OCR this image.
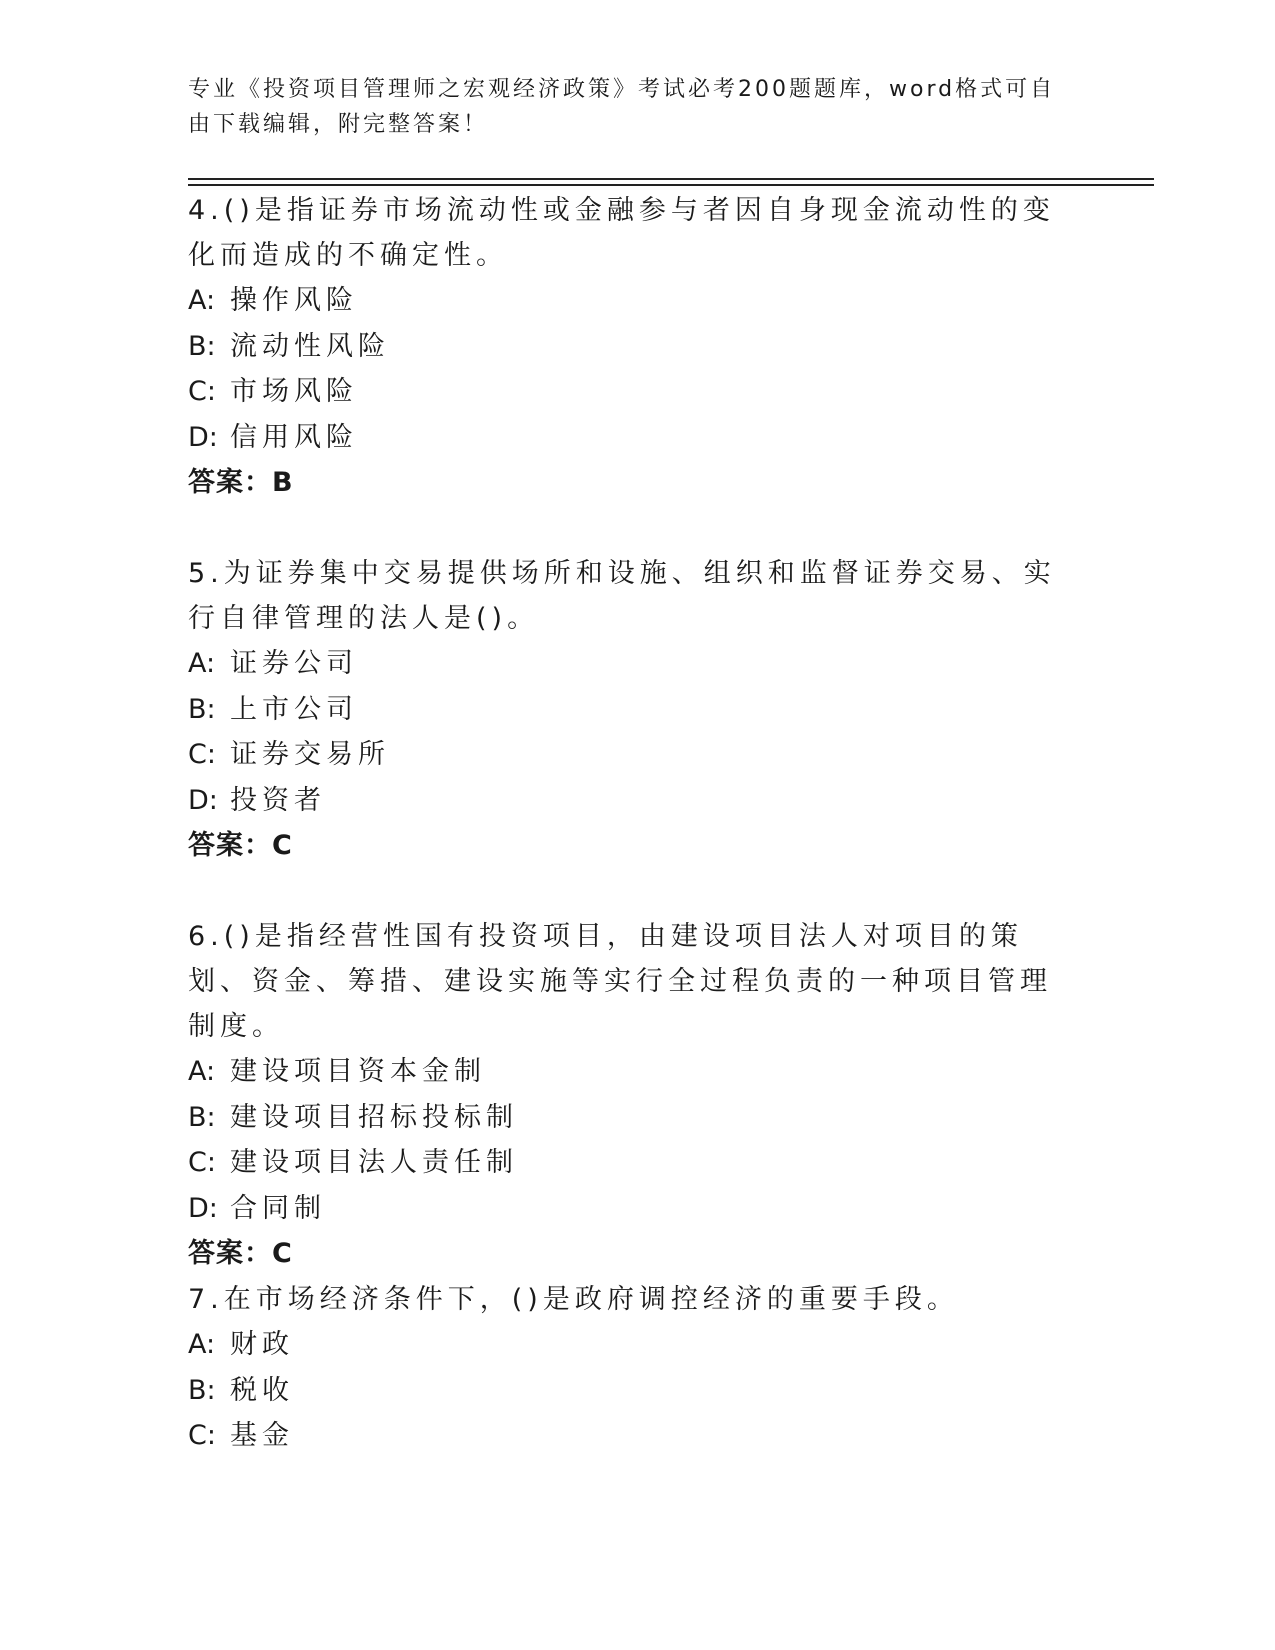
专业《投资项目管理师之宏观经济政策》考试必考200题题库，word格式可自由下载编辑，附完整答案！

4.()是指证券市场流动性或金融参与者因自身现金流动性的变化而造成的不确定性。

A: 操作风险
B: 流动性风险
C: 市场风险
D: 信用风险
答案：B

5.为证券集中交易提供场所和设施、组织和监督证券交易、实行自律管理的法人是()。

A: 证券公司
B: 上市公司
C: 证券交易所
D: 投资者
答案：C

6.()是指经营性国有投资项目，由建设项目法人对项目的策划、资金、筹措、建设实施等实行全过程负责的一种项目管理制度。

A: 建设项目资本金制
B: 建设项目招标投标制
C: 建设项目法人责任制
D: 合同制
答案：C

7.在市场经济条件下，()是政府调控经济的重要手段。

A: 财政
B: 税收
C: 基金
